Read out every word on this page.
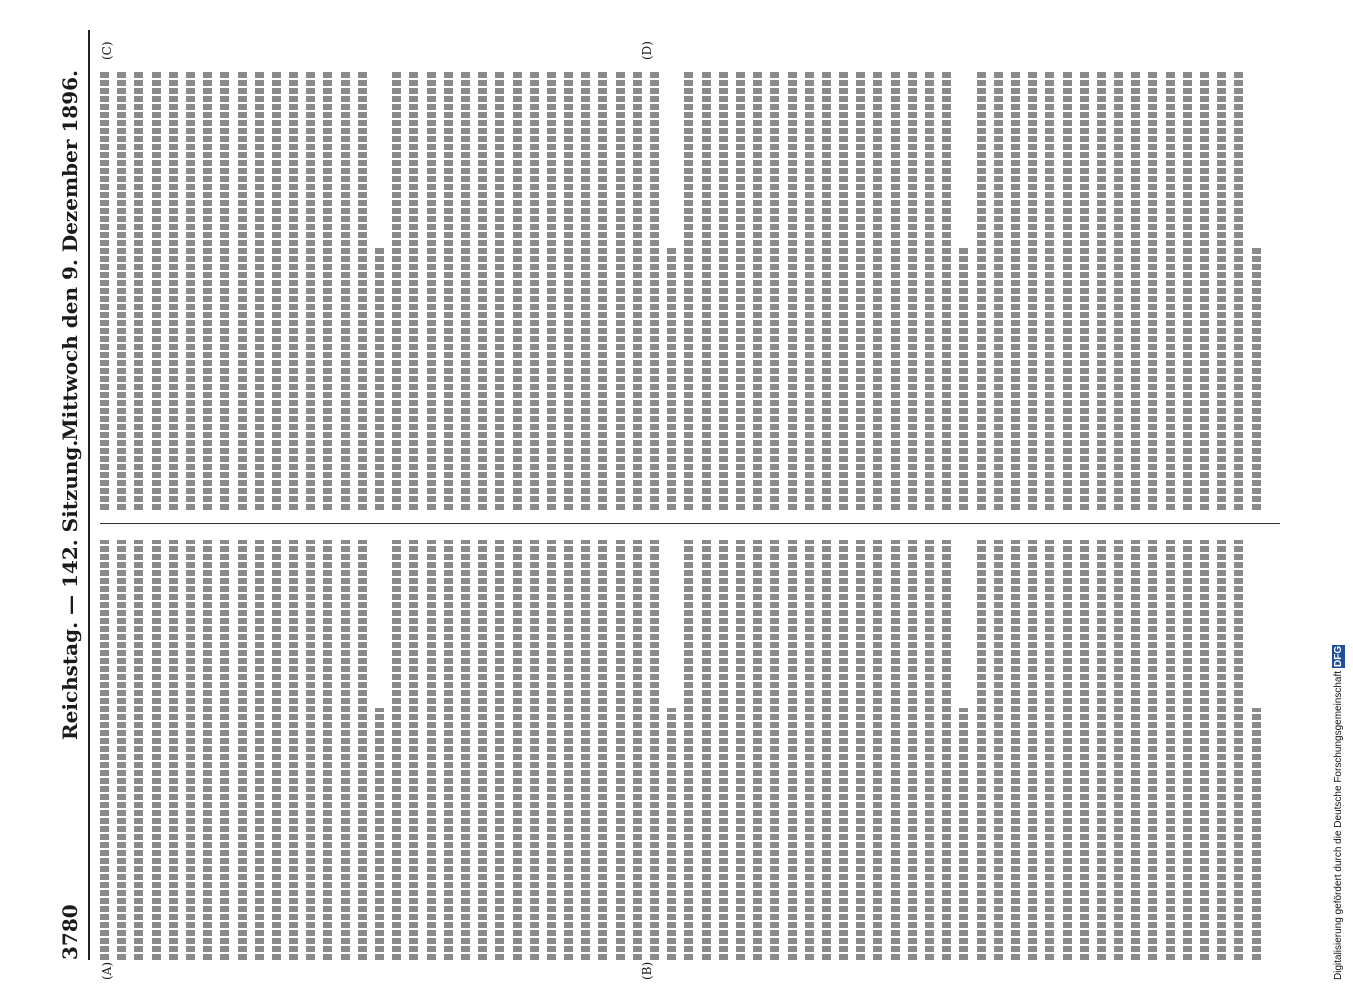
3780
Reichstag. — 142. Sitzung.
Mittwoch den 9. Dezember 1896.
(A)	(B)
(C)	(D)
Digitalisierung gefördert durch die Deutsche Forschungsgemeinschaft DFG
